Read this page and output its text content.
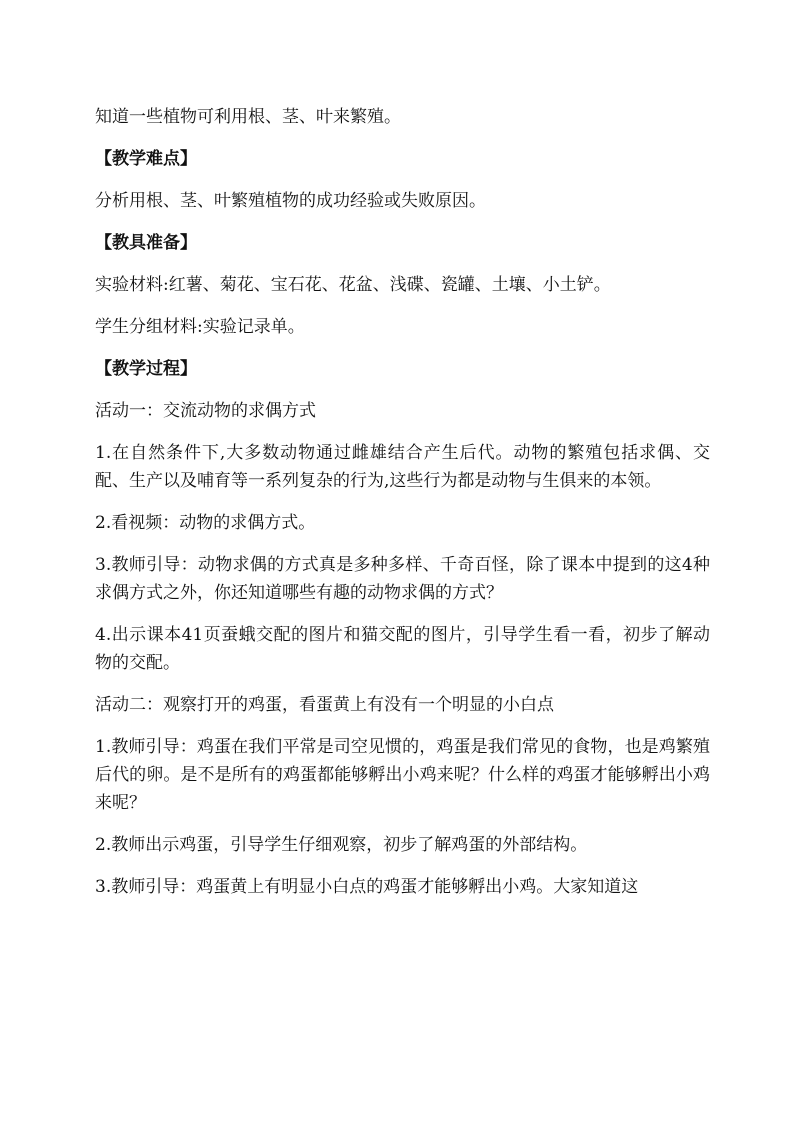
知道一些植物可利用根、茎、叶来繁殖。

【教学难点】

分析用根、茎、叶繁殖植物的成功经验或失败原因。

【教具准备】

实验材料:红薯、菊花、宝石花、花盆、浅碟、瓷罐、土壤、小土铲。

学生分组材料:实验记录单。

【教学过程】

活动一：交流动物的求偶方式

1.在自然条件下,大多数动物通过雌雄结合产生后代。动物的繁殖包括求偶、交配、生产以及哺育等一系列复杂的行为,这些行为都是动物与生俱来的本领。

2.看视频：动物的求偶方式。

3.教师引导：动物求偶的方式真是多种多样、千奇百怪，除了课本中提到的这4种求偶方式之外，你还知道哪些有趣的动物求偶的方式？

4.出示课本41页蚕蛾交配的图片和猫交配的图片，引导学生看一看，初步了解动物的交配。

活动二：观察打开的鸡蛋，看蛋黄上有没有一个明显的小白点

1.教师引导：鸡蛋在我们平常是司空见惯的，鸡蛋是我们常见的食物，也是鸡繁殖后代的卵。是不是所有的鸡蛋都能够孵出小鸡来呢？什么样的鸡蛋才能够孵出小鸡来呢？

2.教师出示鸡蛋，引导学生仔细观察，初步了解鸡蛋的外部结构。

3.教师引导：鸡蛋黄上有明显小白点的鸡蛋才能够孵出小鸡。大家知道这
